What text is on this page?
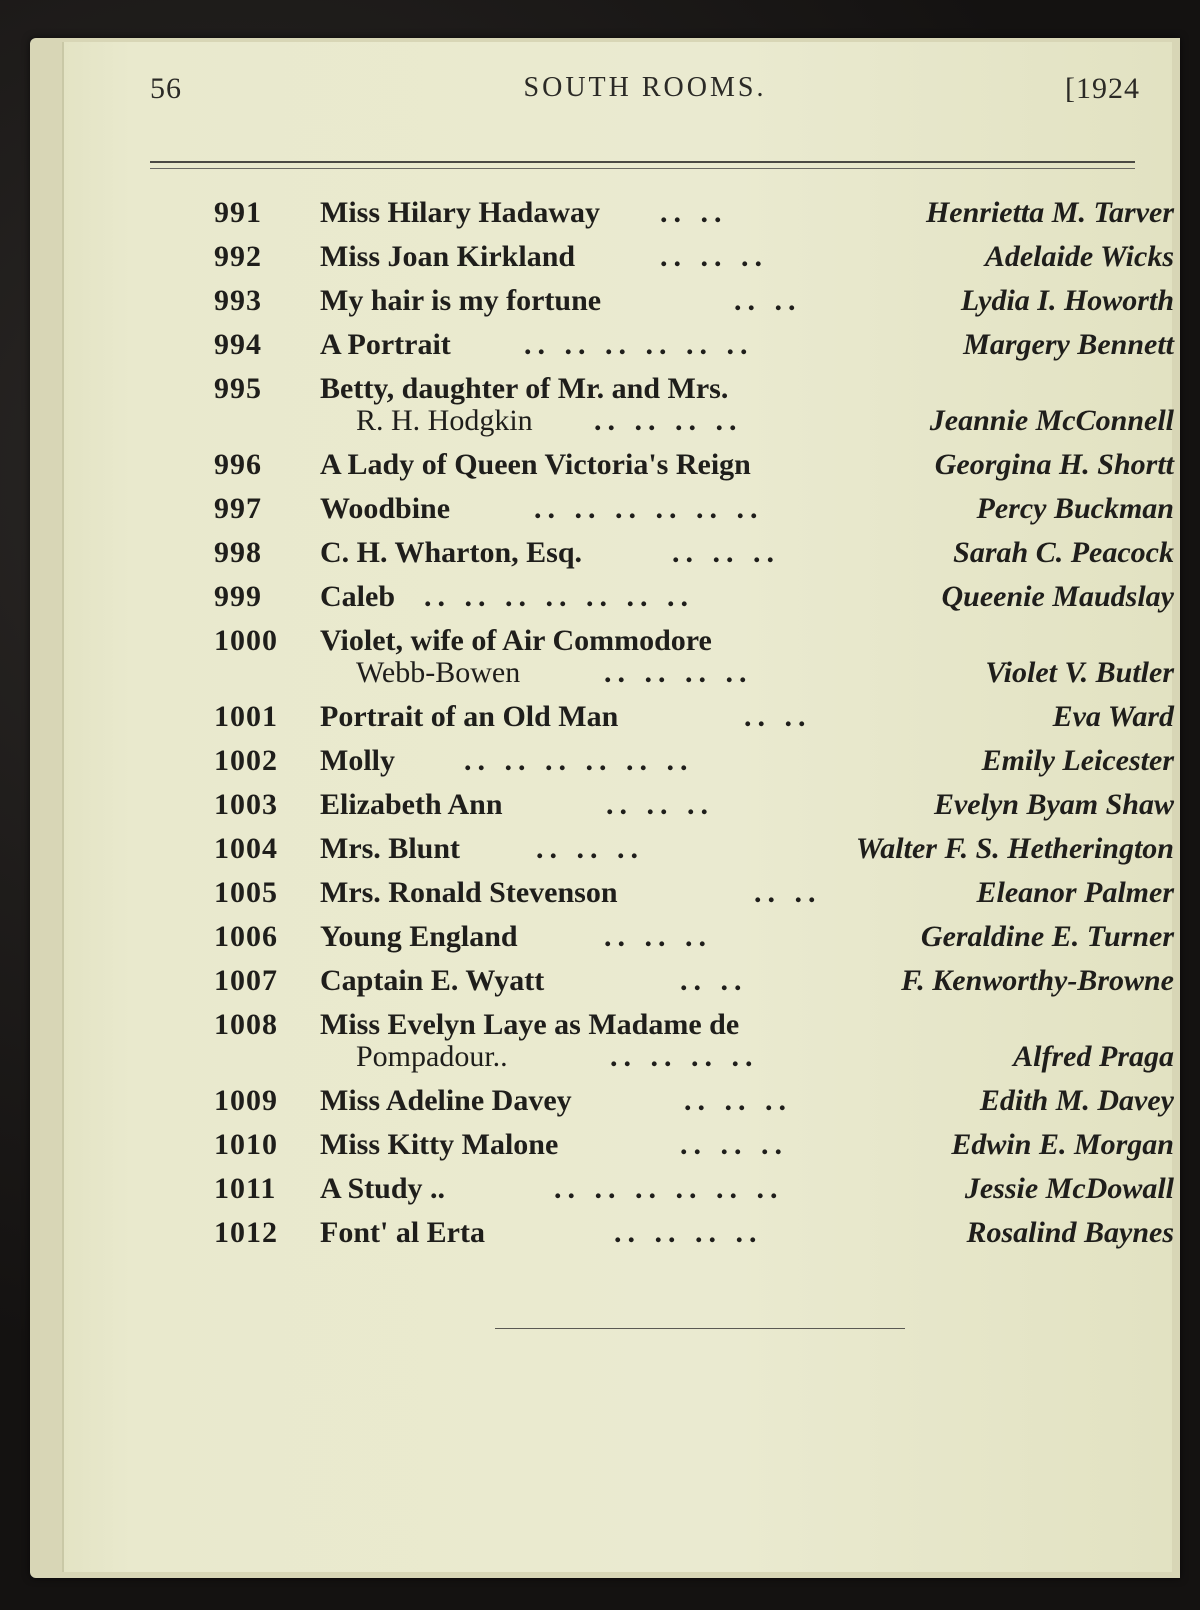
56	SOUTH ROOMS.	[1924
991	Miss Hilary Hadaway .. ..	Henrietta M. Tarver
992	Miss Joan Kirkland	.. .. ..	Adelaide Wicks
993	My hair is my fortune	.. ..	Lydia I. Howorth
994	A Portrait .. .. .. .. .. ..	Margery Bennett
995	Betty, daughter of Mr. and Mrs.
R. H. Hodgkin .. .. .. ..	Jeannie McConnell
996	A Lady of Queen Victoria's Reign	Georgina H. Shortt
997	Woodbine	.. .. .. .. .. ..	Percy Buckman
998	C. H. Wharton, Esq.	.. .. ..	Sarah C. Peacock
999	Caleb .. .. .. .. .. .. ..	Queenie Maudslay
1000	Violet, wife of Air Commodore
Webb-Bowen	.. .. .. ..	Violet V. Butler
1001	Portrait of an Old Man	.. ..	Eva Ward
1002	Molly .. .. .. .. .. ..	Emily Leicester
1003	Elizabeth Ann	.. .. ..	Evelyn Byam Shaw
1004	Mrs. Blunt	.. .. ..	Walter F. S. Hetherington
1005	Mrs. Ronald Stevenson	.. ..	Eleanor Palmer
1006	Young England	.. .. ..	Geraldine E. Turner
1007	Captain E. Wyatt	.. ..	F. Kenworthy-Browne
1008	Miss Evelyn Laye as Madame de
Pompadour..	.. .. .. ..	Alfred Praga
1009	Miss Adeline Davey	.. .. ..	Edith M. Davey
1010	Miss Kitty Malone	.. .. ..	Edwin E. Morgan
1011	A Study ..	.. .. .. .. .. ..	Jessie McDowall
1012	Font' al Erta	.. .. .. ..	Rosalind Baynes
